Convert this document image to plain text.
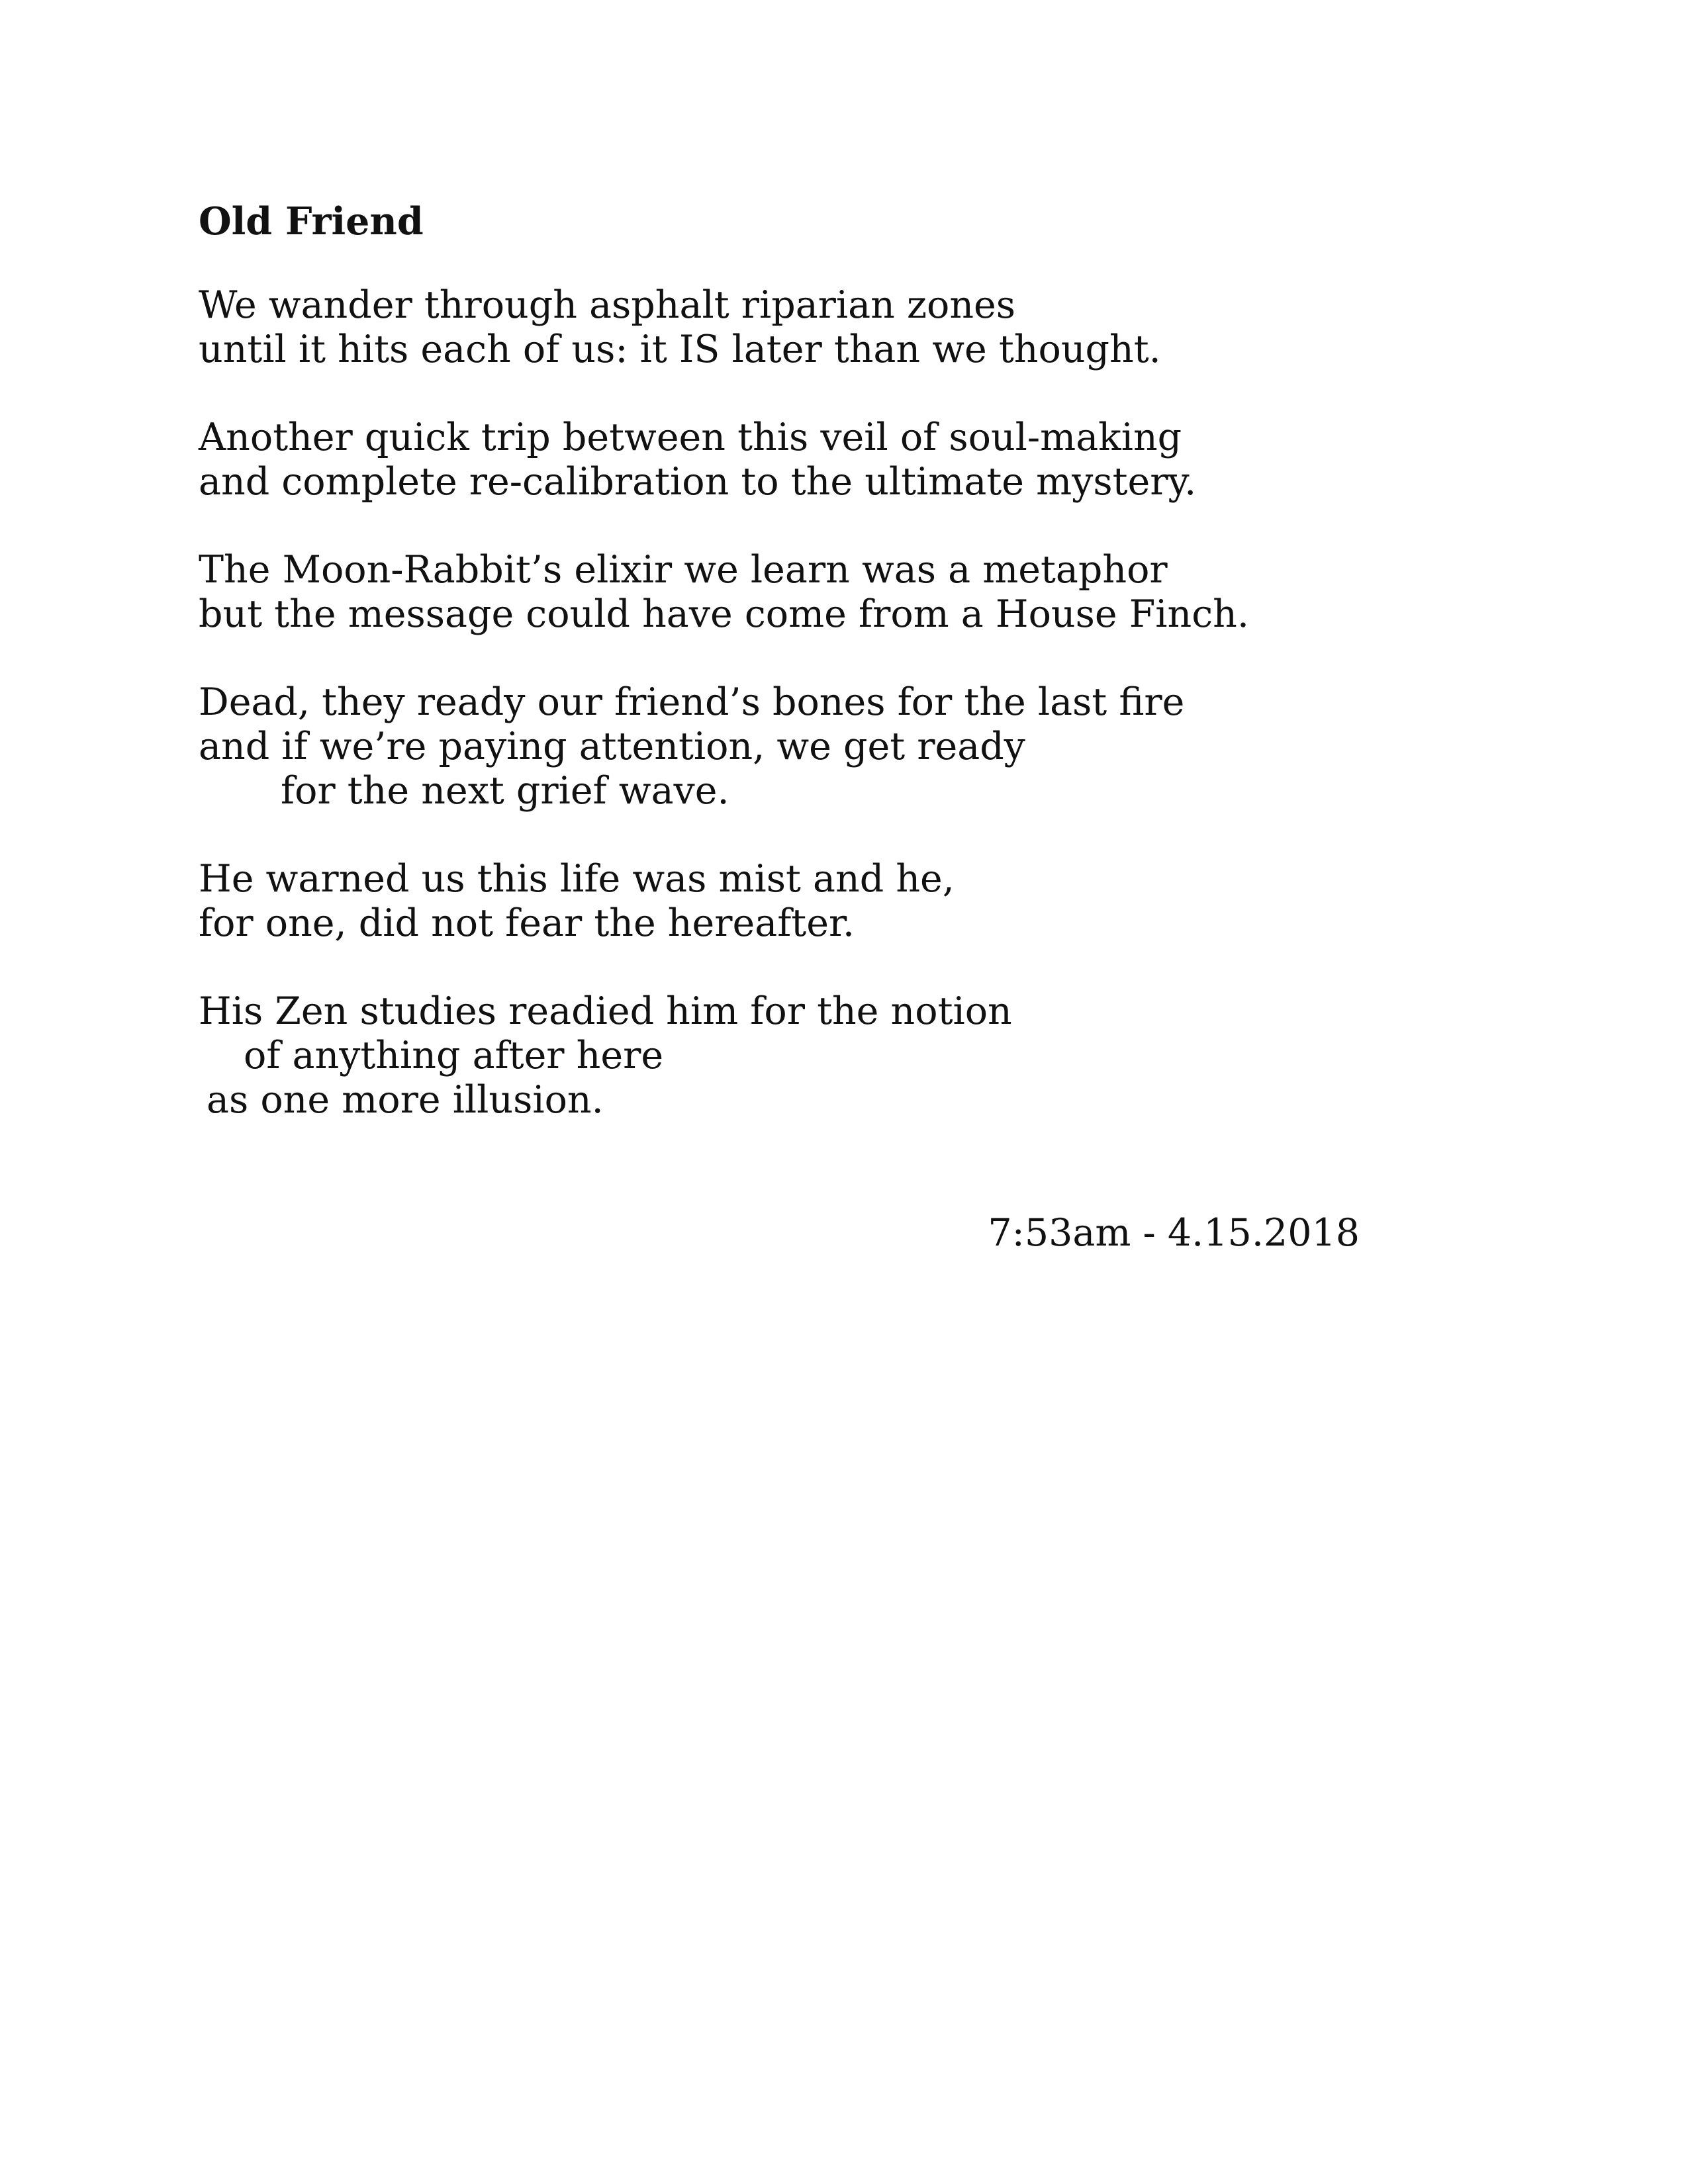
Old Friend
We wander through asphalt riparian zones
until it hits each of us: it IS later than we thought.
Another quick trip between this veil of soul-making
and complete re-calibration to the ultimate mystery.
The Moon-Rabbit’s elixir we learn was a metaphor
but the message could have come from a House Finch.
Dead, they ready our friend’s bones for the last fire
and if we’re paying attention, we get ready
for the next grief wave.
He warned us this life was mist and he,
for one, did not fear the hereafter.
His Zen studies readied him for the notion
of anything after here
as one more illusion.
7:53am - 4.15.2018
